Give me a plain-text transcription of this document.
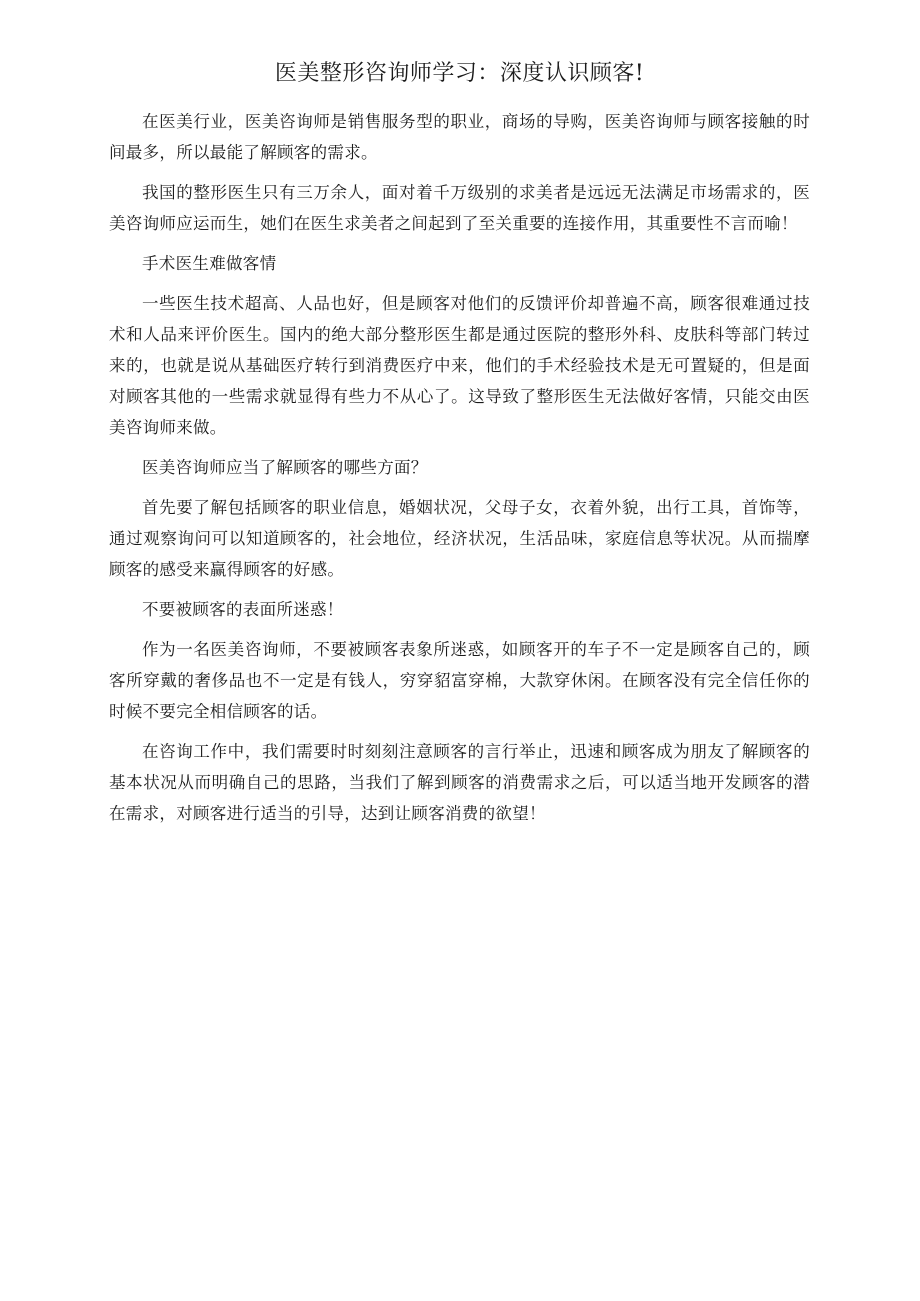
医美整形咨询师学习：深度认识顾客!

在医美行业，医美咨询师是销售服务型的职业，商场的导购，医美咨询师与顾客接触的时间最多，所以最能了解顾客的需求。

我国的整形医生只有三万余人，面对着千万级别的求美者是远远无法满足市场需求的，医美咨询师应运而生，她们在医生求美者之间起到了至关重要的连接作用，其重要性不言而喻！

手术医生难做客情

一些医生技术超高、人品也好，但是顾客对他们的反馈评价却普遍不高，顾客很难通过技术和人品来评价医生。国内的绝大部分整形医生都是通过医院的整形外科、皮肤科等部门转过来的，也就是说从基础医疗转行到消费医疗中来，他们的手术经验技术是无可置疑的，但是面对顾客其他的一些需求就显得有些力不从心了。这导致了整形医生无法做好客情，只能交由医美咨询师来做。

医美咨询师应当了解顾客的哪些方面？

首先要了解包括顾客的职业信息，婚姻状况，父母子女，衣着外貌，出行工具，首饰等，通过观察询问可以知道顾客的，社会地位，经济状况，生活品味，家庭信息等状况。从而揣摩顾客的感受来赢得顾客的好感。

不要被顾客的表面所迷惑！

作为一名医美咨询师，不要被顾客表象所迷惑，如顾客开的车子不一定是顾客自己的，顾客所穿戴的奢侈品也不一定是有钱人，穷穿貂富穿棉，大款穿休闲。在顾客没有完全信任你的时候不要完全相信顾客的话。

在咨询工作中，我们需要时时刻刻注意顾客的言行举止，迅速和顾客成为朋友了解顾客的基本状况从而明确自己的思路，当我们了解到顾客的消费需求之后，可以适当地开发顾客的潜在需求，对顾客进行适当的引导，达到让顾客消费的欲望！
